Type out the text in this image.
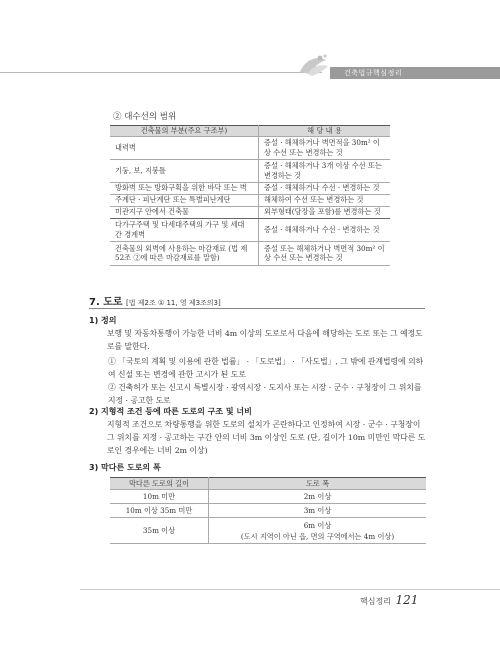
건축법규핵심정리
② 대수선의 범위
건축물의 부분(주요 구조부)	해 당 내 용
내력벽	증설 · 해체하거나 벽면적을 30m² 이상 수선 또는 변경하는 것
기둥, 보, 지붕틀	증설 · 해체하거나 3개 이상 수선 또는 변경하는 것
방화벽 또는 방화구획을 위한 바닥 또는 벽	증설 · 해체하거나 수선 · 변경하는 것
주계단 · 피난계단 또는 특별피난계단	해체하여 수선 또는 변경하는 것
미관지구 안에서 건축물	외부형태(담장을 포함)를 변경하는 것
다가구주택 및 다세대주택의 가구 및 세대 간 경계벽	증설 · 해체하거나 수선 · 변경하는 것
건축물의 외벽에 사용하는 마감재료 (법 제52조 ②에 따른 마감재료를 말함)	증설 또는 해체하거나 벽면적 30m² 이상 수선 또는 변경하는 것
7. 도로 [법 제2조 ① 11, 영 제3조의3]
1) 정의
보행 및 자동차통행이 가능한 너비 4m 이상의 도로로서 다음에 해당하는 도로 또는 그 예정도로를 말한다.
① 「국토의 계획 및 이용에 관한 법률」 · 「도로법」 · 「사도법」, 그 밖에 관계법령에 의하여 신설 또는 변경에 관한 고시가 된 도로
② 건축허가 또는 신고시 특별시장 · 광역시장 · 도지사 또는 시장 · 군수 · 구청장이 그 위치를 지정 · 공고한 도로
2) 지형적 조건 등에 따른 도로의 구조 및 너비
지형적 조건으로 차량통행을 위한 도로의 설치가 곤란하다고 인정하여 시장 · 군수 · 구청장이 그 위치를 지정 · 공고하는 구간 안의 너비 3m 이상인 도로 (단, 길이가 10m 미만인 막다른 도로인 경우에는 너비 2m 이상)
3) 막다른 도로의 폭
막다른 도로의 길이	도로 폭
10m 미만	2m 이상
10m 이상 35m 미만	3m 이상
35m 이상	6m 이상
(도시 지역이 아닌 읍, 면의 구역에서는 4m 이상)
핵심정리 121
